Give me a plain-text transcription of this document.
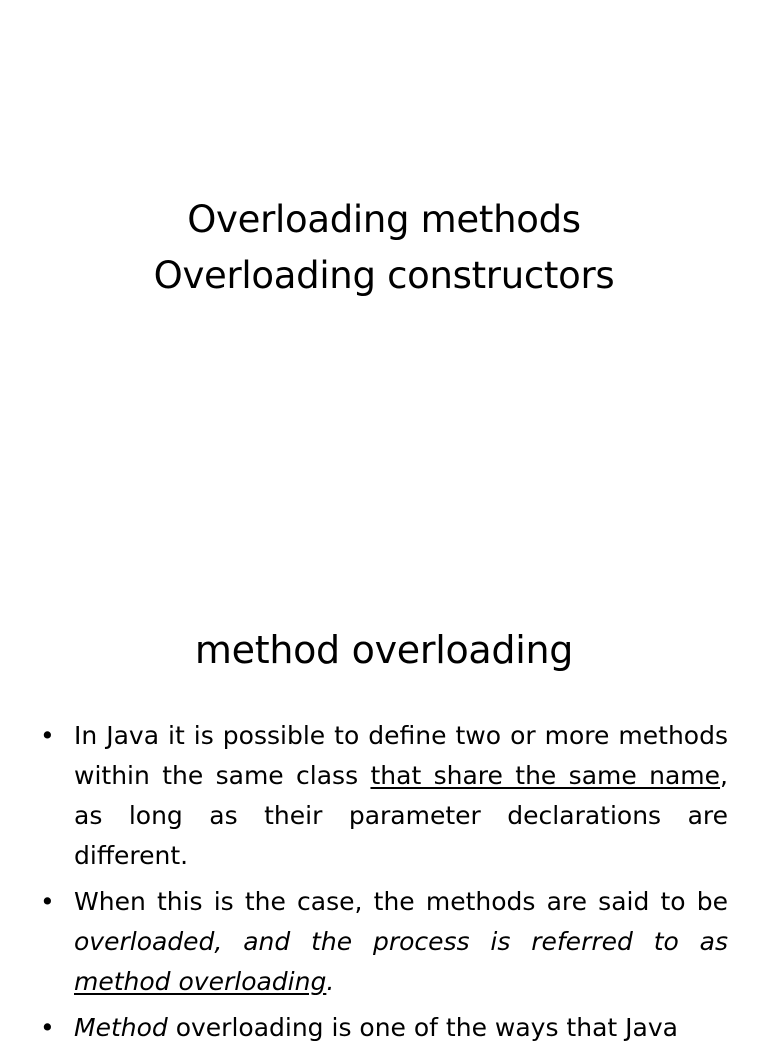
Overloading methods
Overloading constructors
method overloading
• In Java it is possible to define two or more methods within the same class that share the same name, as long as their parameter declarations are different.
• When this is the case, the methods are said to be overloaded, and the process is referred to as method overloading.
• Method overloading is one of the ways that Java
